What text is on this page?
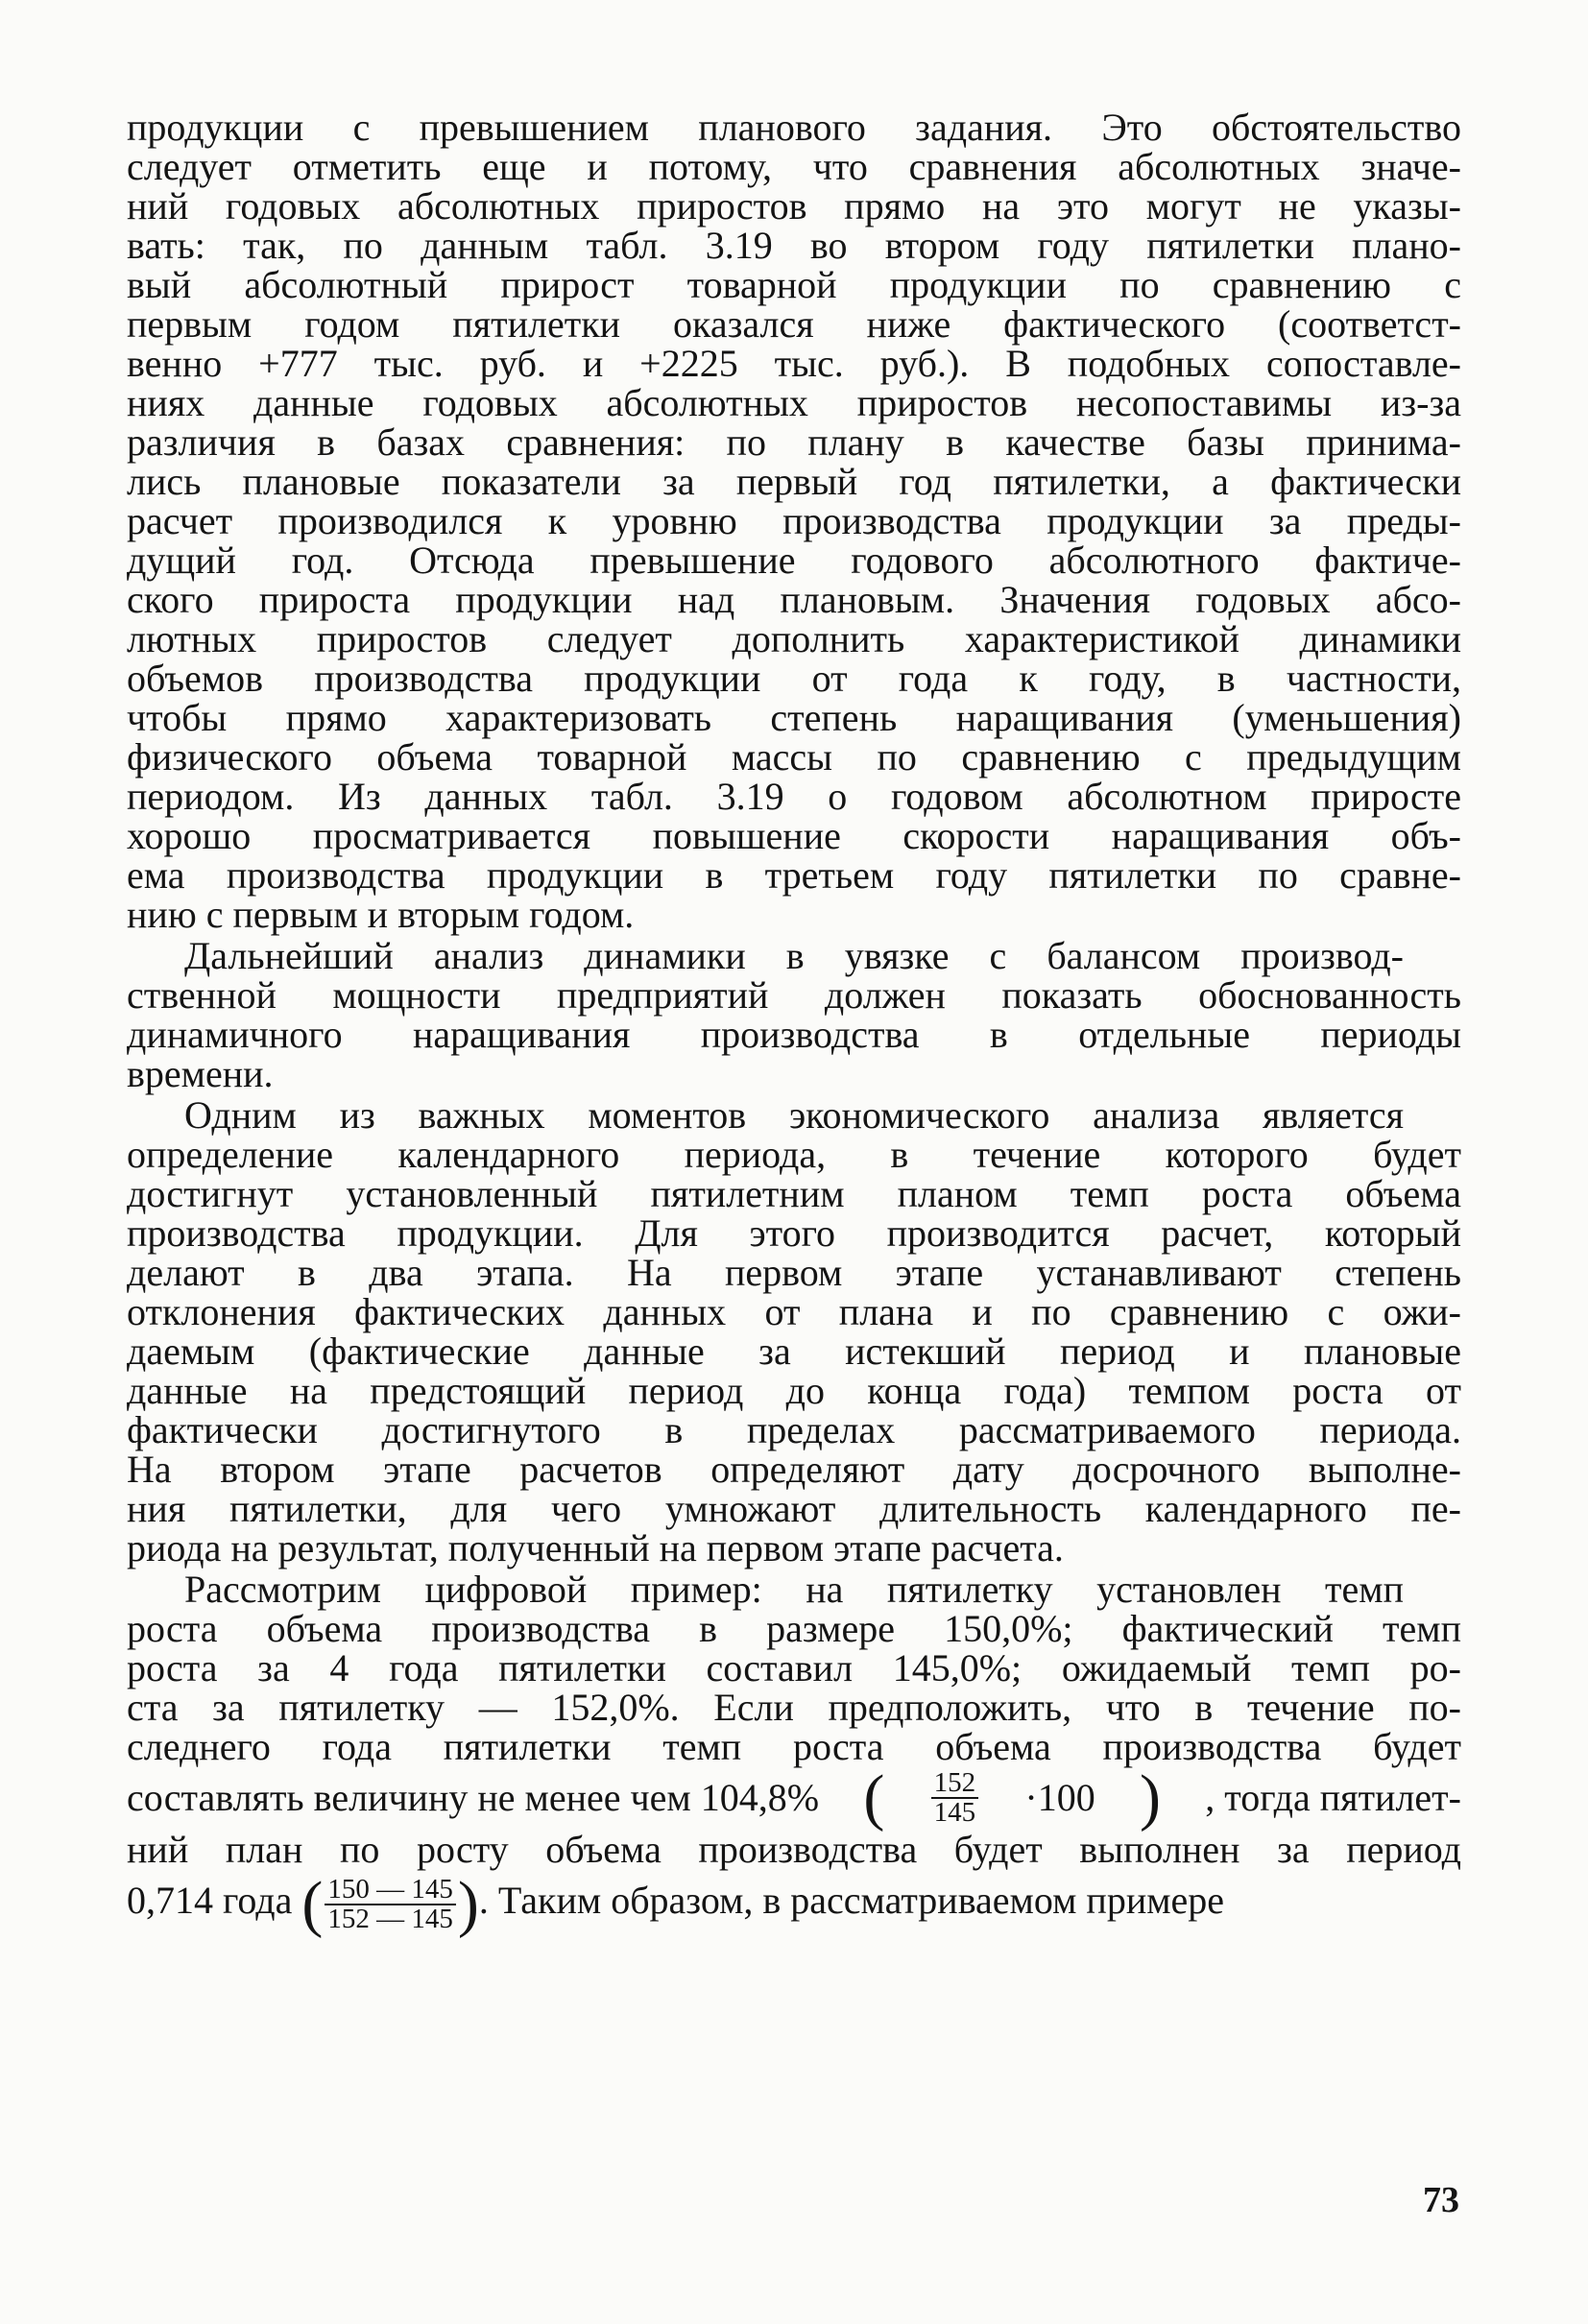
продукции с превышением планового задания. Это обстоятельство
следует отметить еще и потому, что сравнения абсолютных значе-
ний годовых абсолютных приростов прямо на это могут не указы-
вать: так, по данным табл. 3.19 во втором году пятилетки плано-
вый абсолютный прирост товарной продукции по сравнению с
первым годом пятилетки оказался ниже фактического (соответст-
венно +777 тыс. руб. и +2225 тыс. руб.). В подобных сопоставле-
ниях данные годовых абсолютных приростов несопоставимы из-за
различия в базах сравнения: по плану в качестве базы принима-
лись плановые показатели за первый год пятилетки, а фактически
расчет производился к уровню производства продукции за преды-
дущий год. Отсюда превышение годового абсолютного фактиче-
ского прироста продукции над плановым. Значения годовых абсо-
лютных приростов следует дополнить характеристикой динамики
объемов производства продукции от года к году, в частности,
чтобы прямо характеризовать степень наращивания (уменьшения)
физического объема товарной массы по сравнению с предыдущим
периодом. Из данных табл. 3.19 о годовом абсолютном приросте
хорошо просматривается повышение скорости наращивания объ-
ема производства продукции в третьем году пятилетки по сравне-
нию с первым и вторым годом.

Дальнейший анализ динамики в увязке с балансом производ-
ственной мощности предприятий должен показать обоснованность
динамичного наращивания производства в отдельные периоды
времени.

Одним из важных моментов экономического анализа является
определение календарного периода, в течение которого будет
достигнут установленный пятилетним планом темп роста объема
производства продукции. Для этого производится расчет, который
делают в два этапа. На первом этапе устанавливают степень
отклонения фактических данных от плана и по сравнению с ожи-
даемым (фактические данные за истекший период и плановые
данные на предстоящий период до конца года) темпом роста от
фактически достигнутого в пределах рассматриваемого периода.
На втором этапе расчетов определяют дату досрочного выполне-
ния пятилетки, для чего умножают длительность календарного пе-
риода на результат, полученный на первом этапе расчета.

Рассмотрим цифровой пример: на пятилетку установлен темп
роста объема производства в размере 150,0%; фактический темп
роста за 4 года пятилетки составил 145,0%; ожидаемый темп ро-
ста за пятилетку — 152,0%. Если предположить, что в течение по-
следнего года пятилетки темп роста объема производства будет
составлять величину не менее чем 104,8% ( $\frac{152}{145} \cdot 100$ ) , тогда пятилет-
ний план по росту объема производства будет выполнен за период
0,714 года ( $\frac{150 — 145}{152 — 145}$ ). Таким образом, в рассматриваемом примере

73
